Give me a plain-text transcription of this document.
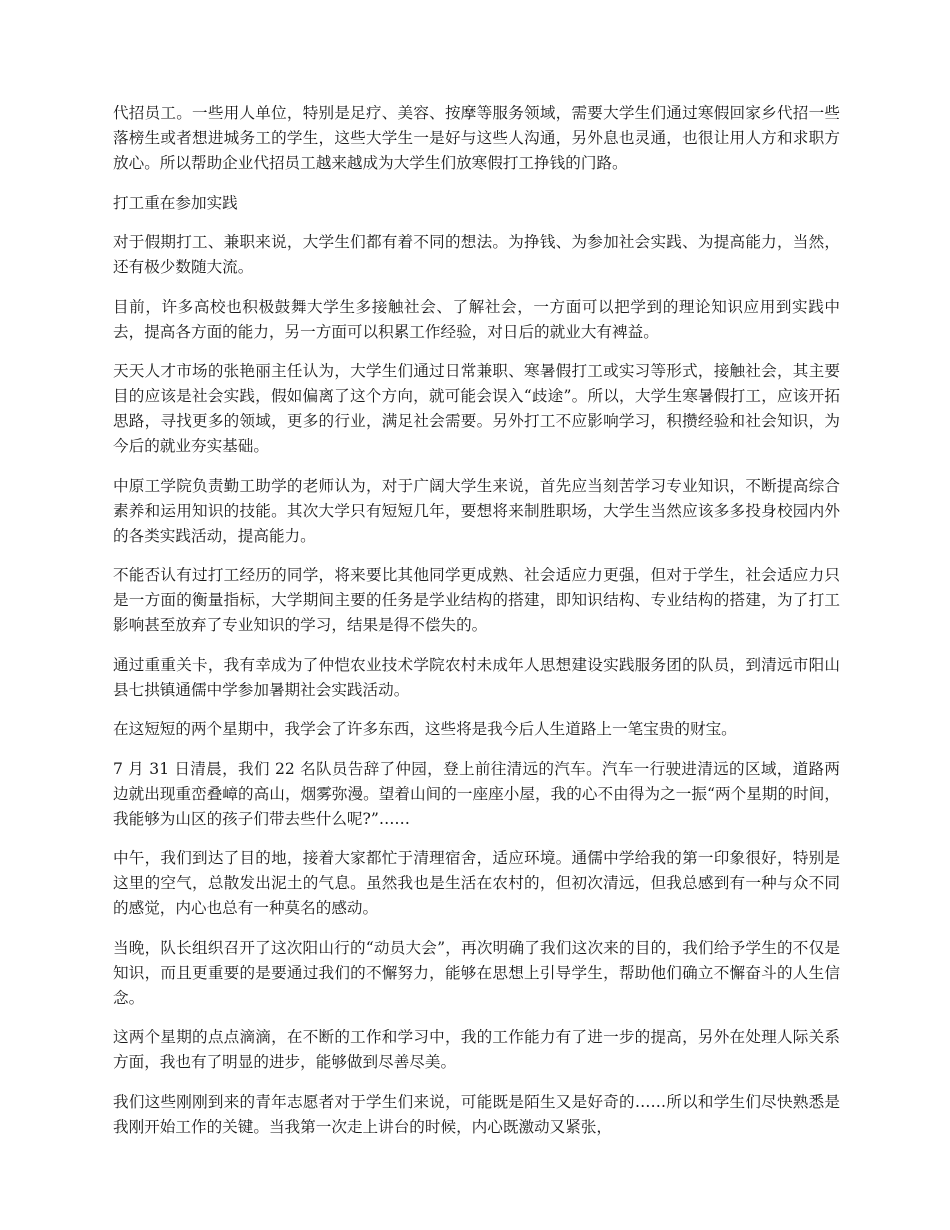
代招员工。一些用人单位，特别是足疗、美容、按摩等服务领域，需要大学生们通过寒假回家乡代招一些落榜生或者想进城务工的学生，这些大学生一是好与这些人沟通，另外息也灵通，也很让用人方和求职方放心。所以帮助企业代招员工越来越成为大学生们放寒假打工挣钱的门路。

打工重在参加实践

对于假期打工、兼职来说，大学生们都有着不同的想法。为挣钱、为参加社会实践、为提高能力，当然，还有极少数随大流。

目前，许多高校也积极鼓舞大学生多接触社会、了解社会，一方面可以把学到的理论知识应用到实践中去，提高各方面的能力，另一方面可以积累工作经验，对日后的就业大有裨益。

天天人才市场的张艳丽主任认为，大学生们通过日常兼职、寒暑假打工或实习等形式，接触社会，其主要目的应该是社会实践，假如偏离了这个方向，就可能会误入“歧途”。所以，大学生寒暑假打工，应该开拓思路，寻找更多的领域，更多的行业，满足社会需要。另外打工不应影响学习，积攒经验和社会知识，为今后的就业夯实基础。

中原工学院负责勤工助学的老师认为，对于广阔大学生来说，首先应当刻苦学习专业知识，不断提高综合素养和运用知识的技能。其次大学只有短短几年，要想将来制胜职场，大学生当然应该多多投身校园内外的各类实践活动，提高能力。

不能否认有过打工经历的同学，将来要比其他同学更成熟、社会适应力更强，但对于学生，社会适应力只是一方面的衡量指标，大学期间主要的任务是学业结构的搭建，即知识结构、专业结构的搭建，为了打工影响甚至放弃了专业知识的学习，结果是得不偿失的。

通过重重关卡，我有幸成为了仲恺农业技术学院农村未成年人思想建设实践服务团的队员，到清远市阳山县七拱镇通儒中学参加暑期社会实践活动。

在这短短的两个星期中，我学会了许多东西，这些将是我今后人生道路上一笔宝贵的财宝。

7 月 31 日清晨，我们 22 名队员告辞了仲园，登上前往清远的汽车。汽车一行驶进清远的区域，道路两边就出现重峦叠嶂的高山，烟雾弥漫。望着山间的一座座小屋，我的心不由得为之一振“两个星期的时间，我能够为山区的孩子们带去些什么呢?”……

中午，我们到达了目的地，接着大家都忙于清理宿舍，适应环境。通儒中学给我的第一印象很好，特别是这里的空气，总散发出泥土的气息。虽然我也是生活在农村的，但初次清远，但我总感到有一种与众不同的感觉，内心也总有一种莫名的感动。

当晚，队长组织召开了这次阳山行的“动员大会”，再次明确了我们这次来的目的，我们给予学生的不仅是知识，而且更重要的是要通过我们的不懈努力，能够在思想上引导学生，帮助他们确立不懈奋斗的人生信念。

这两个星期的点点滴滴，在不断的工作和学习中，我的工作能力有了进一步的提高，另外在处理人际关系方面，我也有了明显的进步，能够做到尽善尽美。

我们这些刚刚到来的青年志愿者对于学生们来说，可能既是陌生又是好奇的……所以和学生们尽快熟悉是我刚开始工作的关键。当我第一次走上讲台的时候，内心既激动又紧张，
